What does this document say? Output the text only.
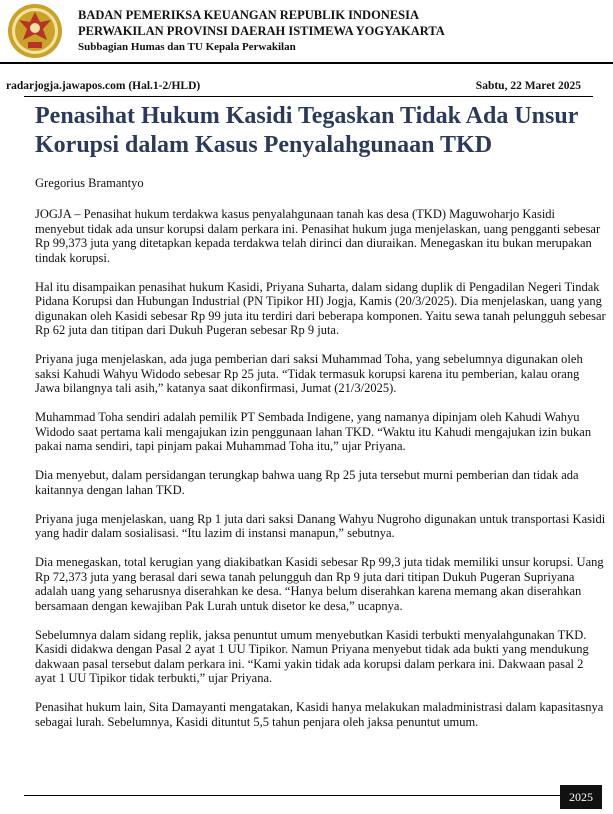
BADAN PEMERIKSA KEUANGAN REPUBLIK INDONESIA
PERWAKILAN PROVINSI DAERAH ISTIMEWA YOGYAKARTA
Subbagian Humas dan TU Kepala Perwakilan
radarjogja.jawapos.com (Hal.1-2/HLD)	Sabtu, 22 Maret 2025
Penasihat Hukum Kasidi Tegaskan Tidak Ada Unsur Korupsi dalam Kasus Penyalahgunaan TKD
Gregorius Bramantyo

JOGJA – Penasihat hukum terdakwa kasus penyalahgunaan tanah kas desa (TKD) Maguwoharjo Kasidi menyebut tidak ada unsur korupsi dalam perkara ini. Penasihat hukum juga menjelaskan, uang pengganti sebesar Rp 99,373 juta yang ditetapkan kepada terdakwa telah dirinci dan diuraikan. Menegaskan itu bukan merupakan tindak korupsi.

Hal itu disampaikan penasihat hukum Kasidi, Priyana Suharta, dalam sidang duplik di Pengadilan Negeri Tindak Pidana Korupsi dan Hubungan Industrial (PN Tipikor HI) Jogja, Kamis (20/3/2025). Dia menjelaskan, uang yang digunakan oleh Kasidi sebesar Rp 99 juta itu terdiri dari beberapa komponen. Yaitu sewa tanah pelungguh sebesar Rp 62 juta dan titipan dari Dukuh Pugeran sebesar Rp 9 juta.

Priyana juga menjelaskan, ada juga pemberian dari saksi Muhammad Toha, yang sebelumnya digunakan oleh saksi Kahudi Wahyu Widodo sebesar Rp 25 juta. “Tidak termasuk korupsi karena itu pemberian, kalau orang Jawa bilangnya tali asih,” katanya saat dikonfirmasi, Jumat (21/3/2025).

Muhammad Toha sendiri adalah pemilik PT Sembada Indigene, yang namanya dipinjam oleh Kahudi Wahyu Widodo saat pertama kali mengajukan izin penggunaan lahan TKD. “Waktu itu Kahudi mengajukan izin bukan pakai nama sendiri, tapi pinjam pakai Muhammad Toha itu,” ujar Priyana.

Dia menyebut, dalam persidangan terungkap bahwa uang Rp 25 juta tersebut murni pemberian dan tidak ada kaitannya dengan lahan TKD.

Priyana juga menjelaskan, uang Rp 1 juta dari saksi Danang Wahyu Nugroho digunakan untuk transportasi Kasidi yang hadir dalam sosialisasi. “Itu lazim di instansi manapun,” sebutnya.

Dia menegaskan, total kerugian yang diakibatkan Kasidi sebesar Rp 99,3 juta tidak memiliki unsur korupsi. Uang Rp 72,373 juta yang berasal dari sewa tanah pelungguh dan Rp 9 juta dari titipan Dukuh Pugeran Supriyana adalah uang yang seharusnya diserahkan ke desa. “Hanya belum diserahkan karena memang akan diserahkan bersamaan dengan kewajiban Pak Lurah untuk disetor ke desa,” ucapnya.

Sebelumnya dalam sidang replik, jaksa penuntut umum menyebutkan Kasidi terbukti menyalahgunakan TKD. Kasidi didakwa dengan Pasal 2 ayat 1 UU Tipikor. Namun Priyana menyebut tidak ada bukti yang mendukung dakwaan pasal tersebut dalam perkara ini. “Kami yakin tidak ada korupsi dalam perkara ini. Dakwaan pasal 2 ayat 1 UU Tipikor tidak terbukti,” ujar Priyana.

Penasihat hukum lain, Sita Damayanti mengatakan, Kasidi hanya melakukan maladministrasi dalam kapasitasnya sebagai lurah. Sebelumnya, Kasidi dituntut 5,5 tahun penjara oleh jaksa penuntut umum.

2025
